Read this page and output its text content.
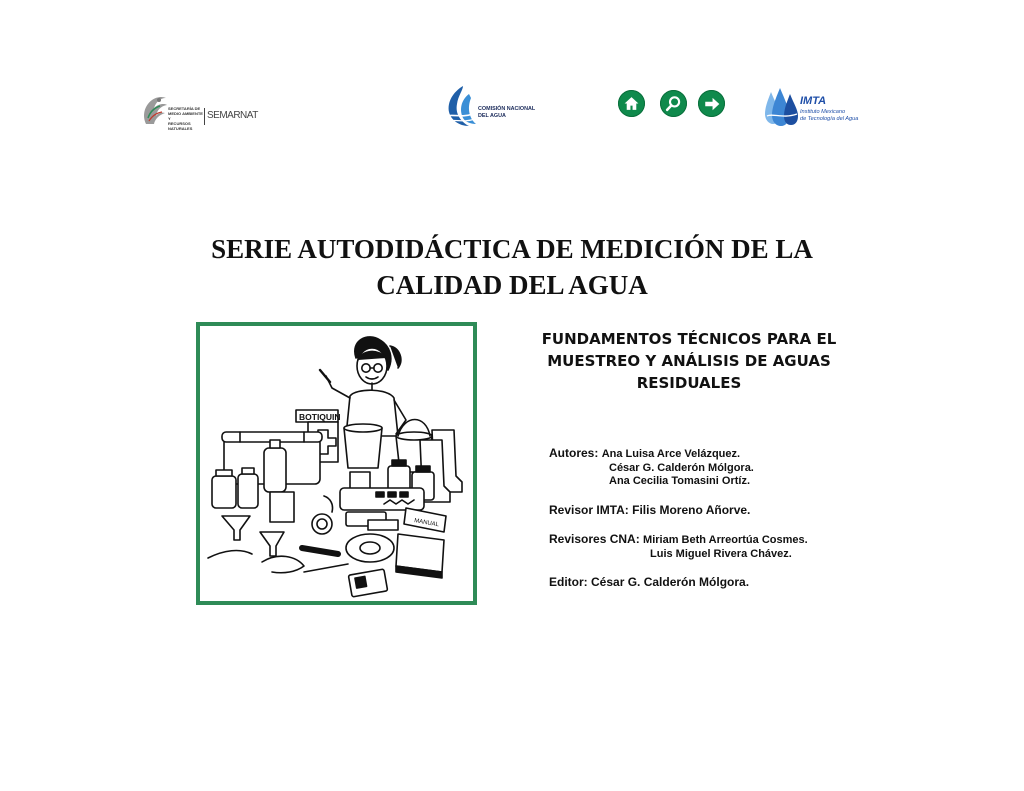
SECRETARÍA DE
MEDIO AMBIENTE Y
RECURSOS NATURALES
SEMARNAT
COMISIÓN NACIONAL
DEL AGUA
IMTA
Instituto Mexicano
de Tecnología del Agua
SERIE AUTODIDÁCTICA DE MEDICIÓN DE LA
CALIDAD DEL AGUA
BOTIQUIN
MANUAL
FUNDAMENTOS TÉCNICOS PARA EL
MUESTREO Y ANÁLISIS DE AGUAS
RESIDUALES
Autores: Ana Luisa Arce Velázquez.
César G. Calderón Mólgora.
Ana Cecilia Tomasini Ortíz.
Revisor IMTA: Filis Moreno Añorve.
Revisores CNA: Miriam Beth Arreortúa Cosmes.
Luis Miguel Rivera Chávez.
Editor: César G. Calderón Mólgora.
